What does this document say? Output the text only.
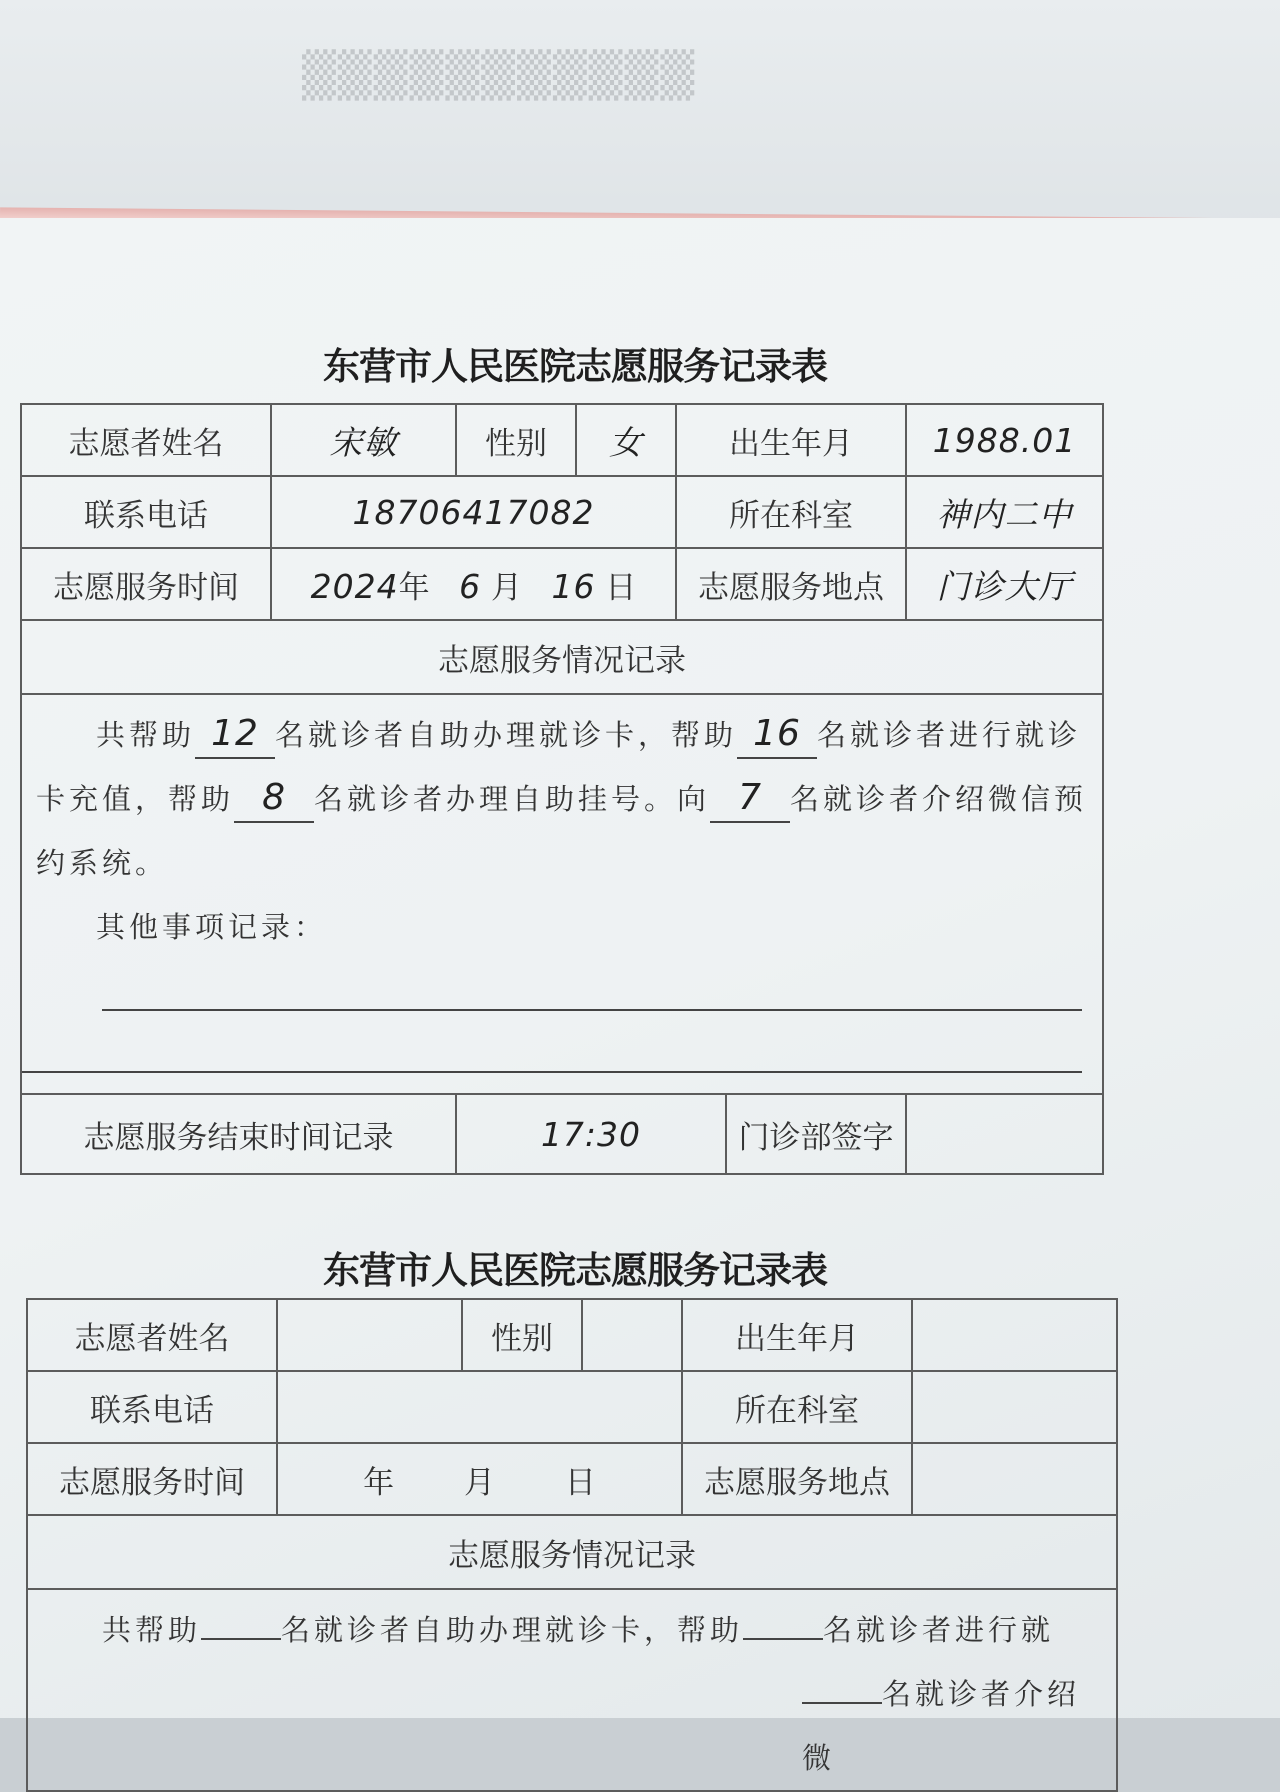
▒▒▒▒▒▒▒▒▒▒▒
东营市人民医院志愿服务记录表
志愿者姓名	宋敏	性别	女	出生年月		1988.01
联系电话	18706417082			所在科室		神内二中
志愿服务时间	2024年 6 月 16 日			志愿服务地点		门诊大厅
志愿服务情况记录						

共帮助 12 名就诊者自助办理就诊卡，帮助 16 名就诊者进行就诊卡充值，帮助 8 名就诊者办理自助挂号。向 7 名就诊者介绍微信预约系统。
其他事项记录：						

志愿服务结束时间记录		17:30			门诊部签字	
东营市人民医院志愿服务记录表
志愿者姓名		性别		出生年月	
联系电话				所在科室	
志愿服务时间	年 月 日			志愿服务地点	
志愿服务情况记录					

共帮助 名就诊者自助办理就诊卡，帮助 名就诊者进行就
名就诊者介绍微					
